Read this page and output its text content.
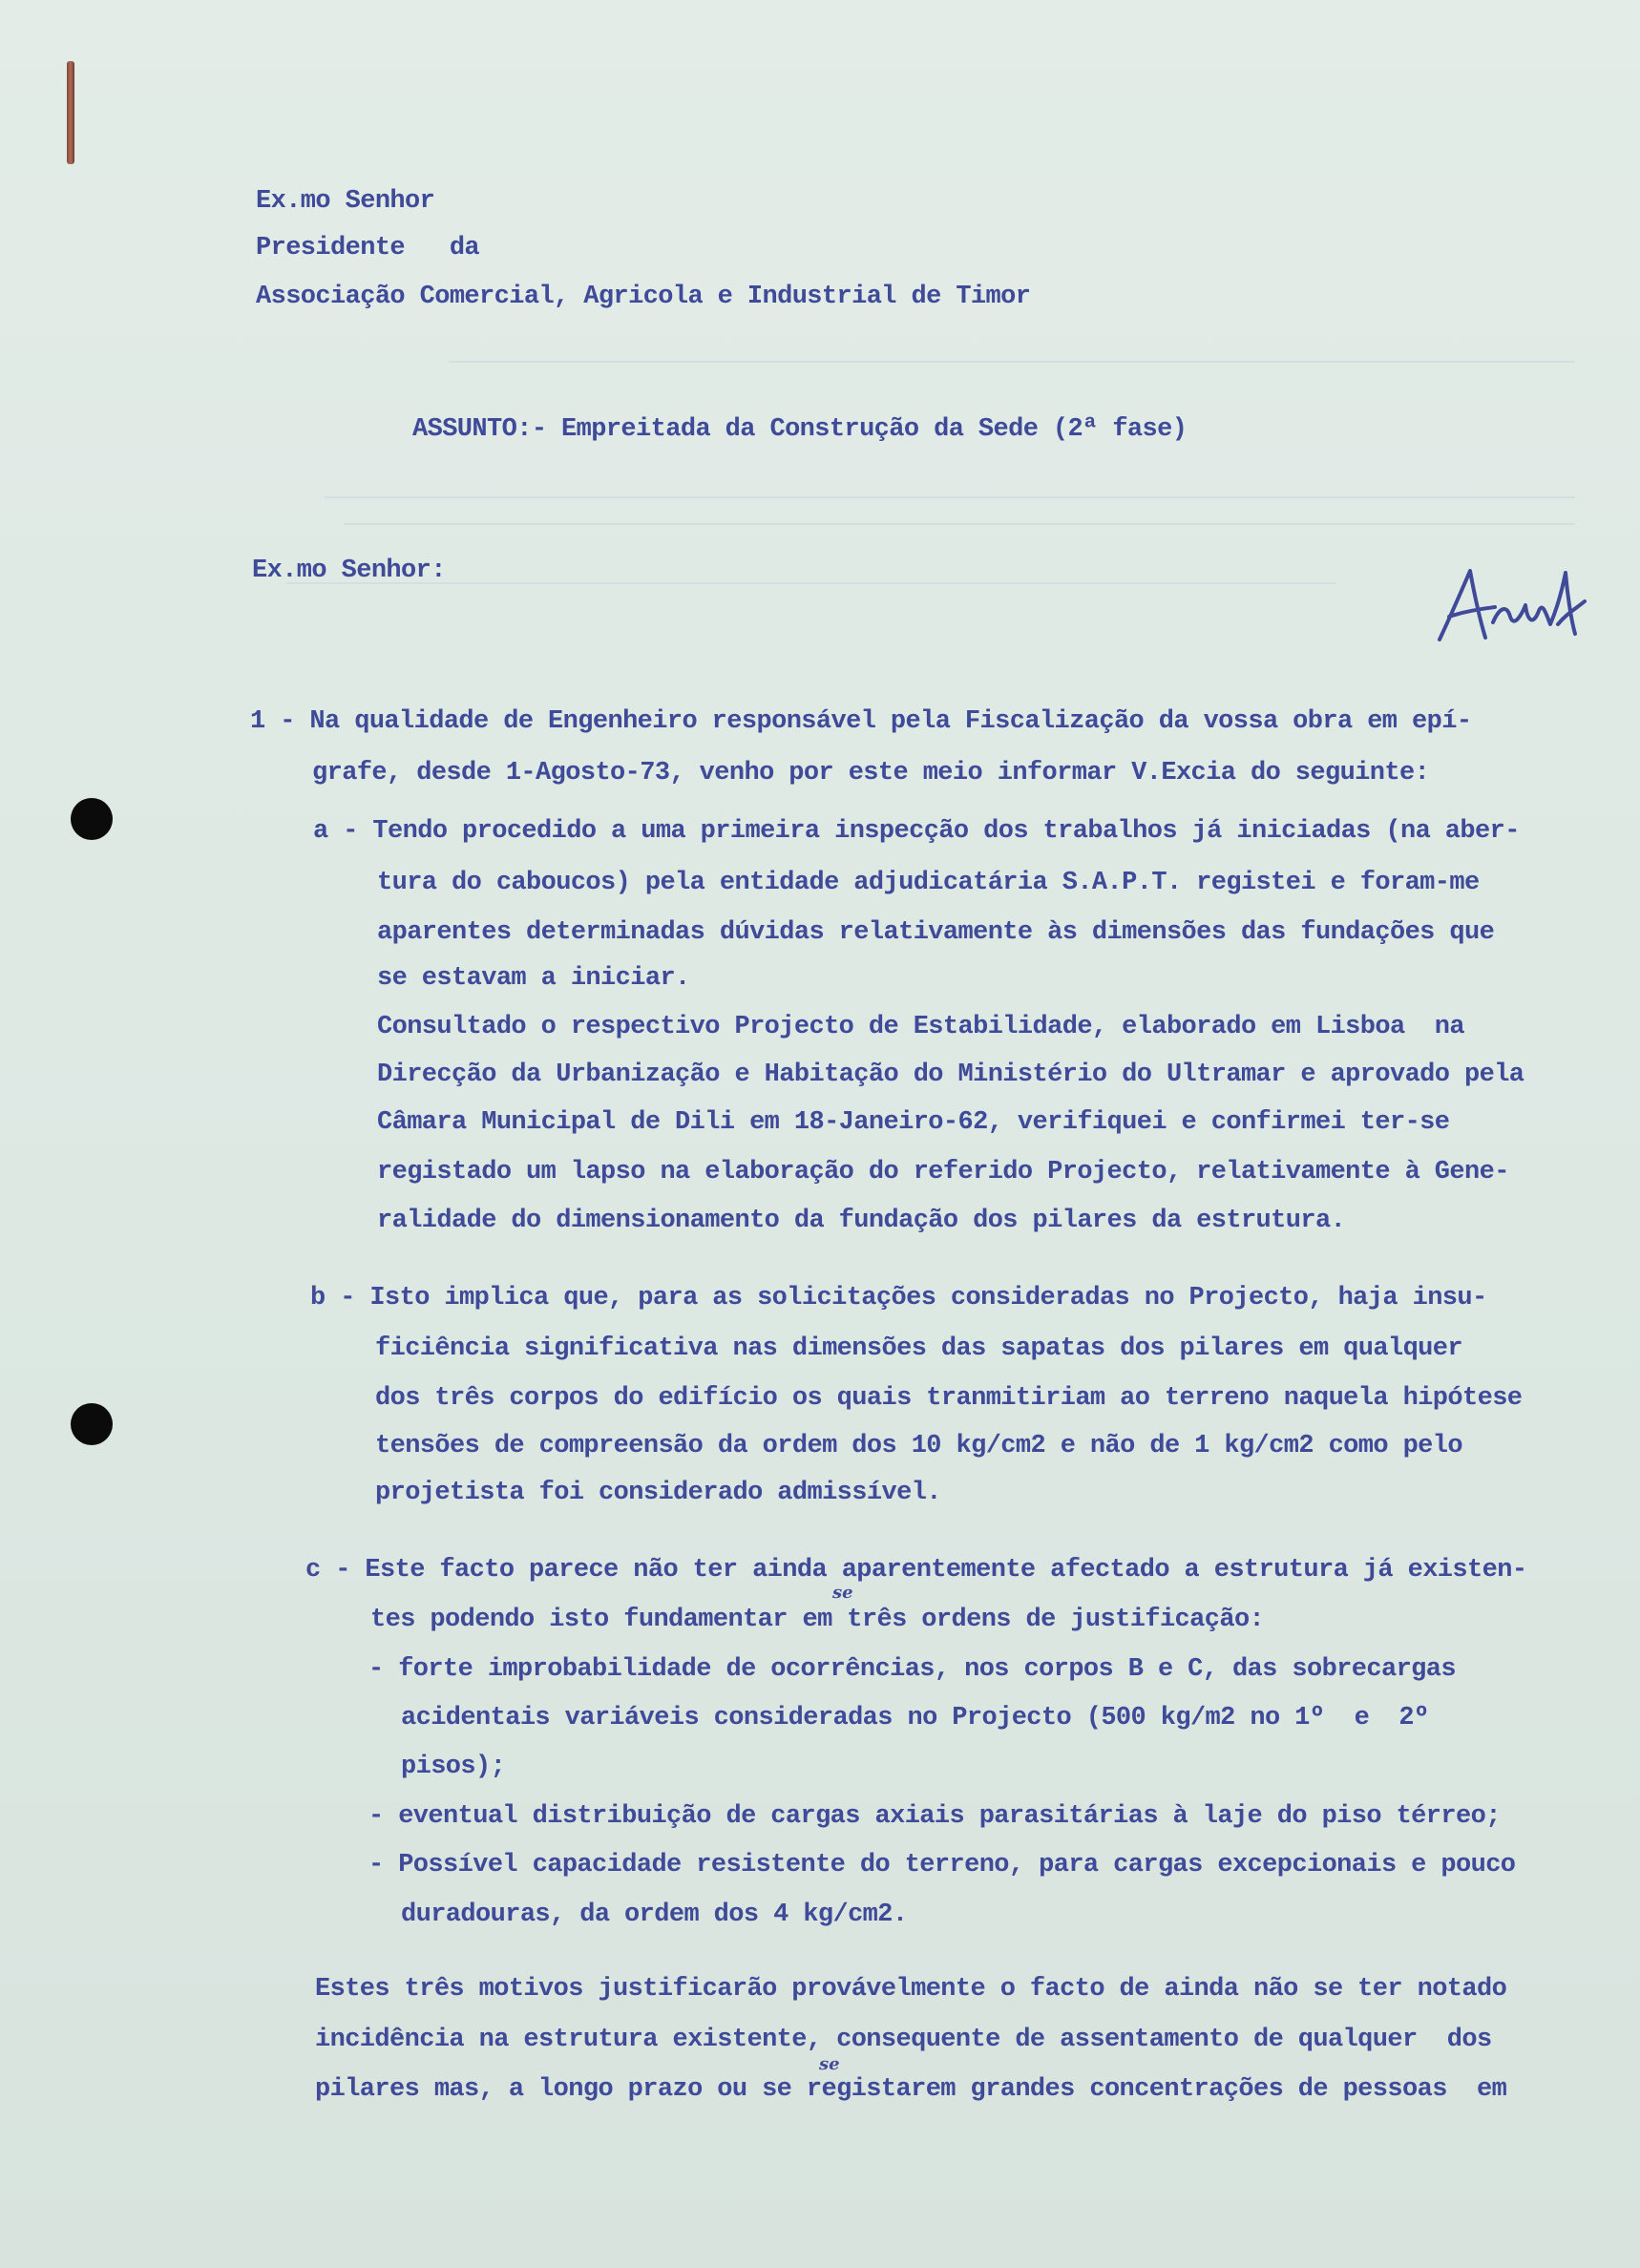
Ex.mo Senhor
Presidente   da
Associação Comercial, Agricola e Industrial de Timor
ASSUNTO:- Empreitada da Construção da Sede (2ª fase)
Ex.mo Senhor:
1 - Na qualidade de Engenheiro responsável pela Fiscalização da vossa obra em epí-
grafe, desde 1-Agosto-73, venho por este meio informar V.Excia do seguinte:
a - Tendo procedido a uma primeira inspecção dos trabalhos já iniciadas (na aber-
tura do caboucos) pela entidade adjudicatária S.A.P.T. registei e foram-me
aparentes determinadas dúvidas relativamente às dimensões das fundações que
se estavam a iniciar.
Consultado o respectivo Projecto de Estabilidade, elaborado em Lisboa  na
Direcção da Urbanização e Habitação do Ministério do Ultramar e aprovado pela
Câmara Municipal de Dili em 18-Janeiro-62, verifiquei e confirmei ter-se
registado um lapso na elaboração do referido Projecto, relativamente à Gene-
ralidade do dimensionamento da fundação dos pilares da estrutura.
b - Isto implica que, para as solicitações consideradas no Projecto, haja insu-
ficiência significativa nas dimensões das sapatas dos pilares em qualquer
dos três corpos do edifício os quais tranmitiriam ao terreno naquela hipótese
tensões de compreensão da ordem dos 10 kg/cm2 e não de 1 kg/cm2 como pelo
projetista foi considerado admissível.
c - Este facto parece não ter ainda aparentemente afectado a estrutura já existen-
tes podendo isto fundamentar em três ordens de justificação:
se
- forte improbabilidade de ocorrências, nos corpos B e C, das sobrecargas
acidentais variáveis consideradas no Projecto (500 kg/m2 no 1º  e  2º
pisos);
- eventual distribuição de cargas axiais parasitárias à laje do piso térreo;
- Possível capacidade resistente do terreno, para cargas excepcionais e pouco
duradouras, da ordem dos 4 kg/cm2.
Estes três motivos justificarão provávelmente o facto de ainda não se ter notado
incidência na estrutura existente, consequente de assentamento de qualquer  dos
pilares mas, a longo prazo ou se registarem grandes concentrações de pessoas  em
se
